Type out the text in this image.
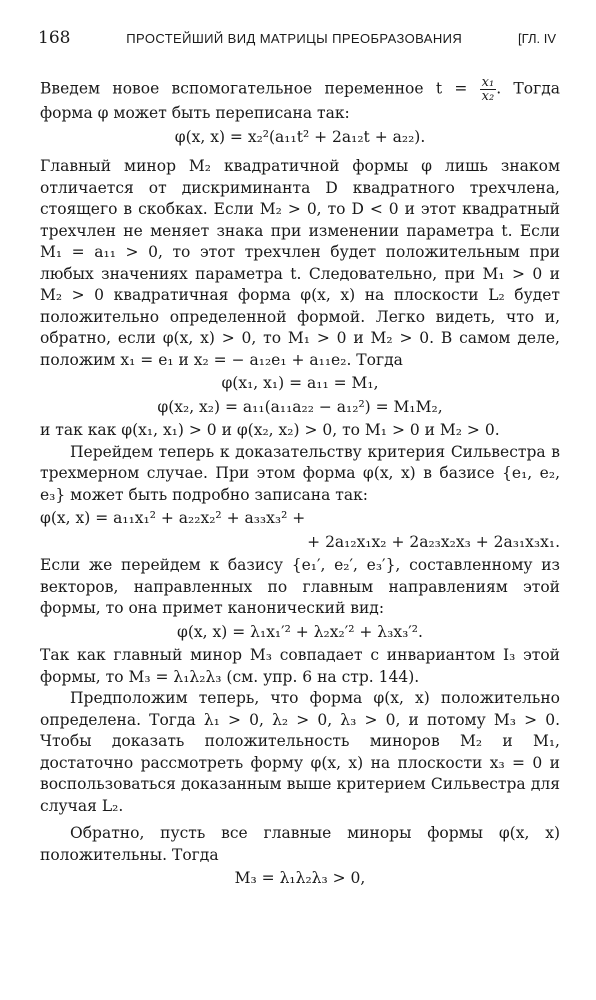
168	ПРОСТЕЙШИЙ ВИД МАТРИЦЫ ПРЕОБРАЗОВАНИЯ	[ГЛ. IV

Введем новое вспомогательное переменное $t = \frac{\text{x₁}}{\text{x₂}}$ . Тогда форма φ может быть переписана так:

φ(x, x) = x₂²(a₁₁t² + 2a₁₂t + a₂₂).

Главный минор M₂ квадратичной формы φ лишь знаком отличается от дискриминанта D квадратного трехчлена, стоящего в скобках. Если M₂ > 0, то D < 0 и этот квадратный трехчлен не меняет знака при изменении параметра t. Если M₁ = a₁₁ > 0, то этот трехчлен будет положительным при любых значениях параметра t. Следовательно, при M₁ > 0 и M₂ > 0 квадратичная форма φ(x, x) на плоскости L₂ будет положительно определенной формой. Легко видеть, что и, обратно, если φ(x, x) > 0, то M₁ > 0 и M₂ > 0. В самом деле, положим x₁ = e₁ и x₂ = − a₁₂e₁ + a₁₁e₂. Тогда

φ(x₁, x₁) = a₁₁ = M₁,
φ(x₂, x₂) = a₁₁(a₁₁a₂₂ − a₁₂²) = M₁M₂,

и так как φ(x₁, x₁) > 0 и φ(x₂, x₂) > 0, то M₁ > 0 и M₂ > 0.

Перейдем теперь к доказательству критерия Сильвестра в трехмерном случае. При этом форма φ(x, x) в базисе {e₁, e₂, e₃} может быть подробно записана так:

φ(x, x) = a₁₁x₁² + a₂₂x₂² + a₃₃x₃² +
+ 2a₁₂x₁x₂ + 2a₂₃x₂x₃ + 2a₃₁x₃x₁.

Если же перейдем к базису {e₁′, e₂′, e₃′}, составленному из векторов, направленных по главным направлениям этой формы, то она примет канонический вид:

φ(x, x) = λ₁x₁′² + λ₂x₂′² + λ₃x₃′².

Так как главный минор M₃ совпадает с инвариантом I₃ этой формы, то M₃ = λ₁λ₂λ₃ (см. упр. 6 на стр. 144).

Предположим теперь, что форма φ(x, x) положительно определена. Тогда λ₁ > 0, λ₂ > 0, λ₃ > 0, и потому M₃ > 0. Чтобы доказать положительность миноров M₂ и M₁, достаточно рассмотреть форму φ(x, x) на плоскости x₃ = 0 и воспользоваться доказанным выше критерием Сильвестра для случая L₂.

Обратно, пусть все главные миноры формы φ(x, x) положительны. Тогда

M₃ = λ₁λ₂λ₃ > 0,
